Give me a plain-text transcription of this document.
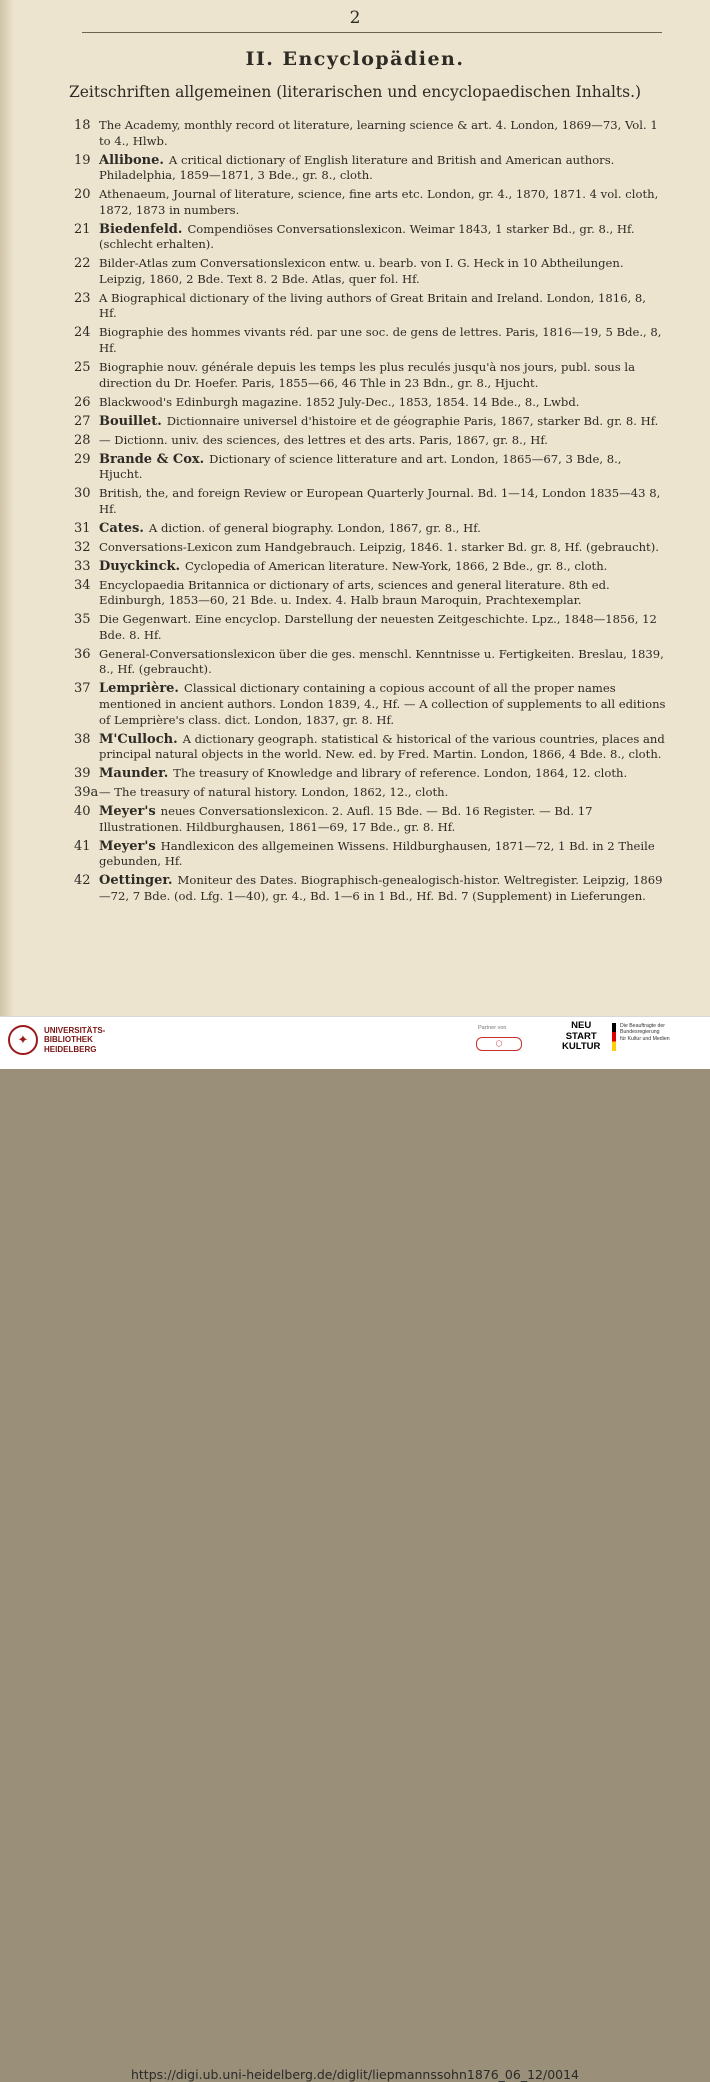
2
II. Encyclopädien.
Zeitschriften allgemeinen (literarischen und encyclopaedischen Inhalts.)
18 The Academy, monthly record ot literature, learning science & art. 4. London, 1869—73, Vol. 1 to 4., Hlwb.
19 Allibone. A critical dictionary of English literature and British and American authors. Philadelphia, 1859—1871, 3 Bde., gr. 8., cloth.
20 Athenaeum, Journal of literature, science, fine arts etc. London, gr. 4., 1870, 1871. 4 vol. cloth, 1872, 1873 in numbers.
21 Biedenfeld. Compendiöses Conversationslexicon. Weimar 1843, 1 starker Bd., gr. 8., Hf. (schlecht erhalten).
22 Bilder-Atlas zum Conversationslexicon entw. u. bearb. von I. G. Heck in 10 Abtheilungen. Leipzig, 1860, 2 Bde. Text 8. 2 Bde. Atlas, quer fol. Hf.
23 A Biographical dictionary of the living authors of Great Britain and Ireland. London, 1816, 8, Hf.
24 Biographie des hommes vivants réd. par une soc. de gens de lettres. Paris, 1816—19, 5 Bde., 8, Hf.
25 Biographie nouv. générale depuis les temps les plus reculés jusqu'à nos jours, publ. sous la direction du Dr. Hoefer. Paris, 1855—66, 46 Thle in 23 Bdn., gr. 8., Hjucht.
26 Blackwood's Edinburgh magazine. 1852 July-Dec., 1853, 1854. 14 Bde., 8., Lwbd.
27 Bouillet. Dictionnaire universel d'histoire et de géographie Paris, 1867, starker Bd. gr. 8. Hf.
28 — Dictionn. univ. des sciences, des lettres et des arts. Paris, 1867, gr. 8., Hf.
29 Brande & Cox. Dictionary of science litterature and art. London, 1865—67, 3 Bde, 8., Hjucht.
30 British, the, and foreign Review or European Quarterly Journal. Bd. 1—14, London 1835—43 8, Hf.
31 Cates. A diction. of general biography. London, 1867, gr. 8., Hf.
32 Conversations-Lexicon zum Handgebrauch. Leipzig, 1846. 1. starker Bd. gr. 8, Hf. (gebraucht).
33 Duyckinck. Cyclopedia of American literature. New-York, 1866, 2 Bde., gr. 8., cloth.
34 Encyclopaedia Britannica or dictionary of arts, sciences and general literature. 8th ed. Edinburgh, 1853—60, 21 Bde. u. Index. 4. Halb braun Maroquin, Prachtexemplar.
35 Die Gegenwart. Eine encyclop. Darstellung der neuesten Zeitgeschichte. Lpz., 1848—1856, 12 Bde. 8. Hf.
36 General-Conversationslexicon über die ges. menschl. Kenntnisse u. Fertigkeiten. Breslau, 1839, 8., Hf. (gebraucht).
37 Lemprière. Classical dictionary containing a copious account of all the proper names mentioned in ancient authors. London 1839, 4., Hf. — A collection of supplements to all editions of Lemprière's class. dict. London, 1837, gr. 8. Hf.
38 M'Culloch. A dictionary geograph. statistical & historical of the various countries, places and principal natural objects in the world. New. ed. by Fred. Martin. London, 1866, 4 Bde. 8., cloth.
39 Maunder. The treasury of Knowledge and library of reference. London, 1864, 12. cloth.
39a — The treasury of natural history. London, 1862, 12., cloth.
40 Meyer's neues Conversationslexicon. 2. Aufl. 15 Bde. — Bd. 16 Register. — Bd. 17 Illustrationen. Hildburghausen, 1861—69, 17 Bde., gr. 8. Hf.
41 Meyer's Handlexicon des allgemeinen Wissens. Hildburghausen, 1871—72, 1 Bd. in 2 Theile gebunden, Hf.
42 Oettinger. Moniteur des Dates. Biographisch-genealogisch-histor. Weltregister. Leipzig, 1869—72, 7 Bde. (od. Lfg. 1—40), gr. 4., Bd. 1—6 in 1 Bd., Hf. Bd. 7 (Supplement) in Lieferungen.
✦
UNIVERSITÄTS-
BIBLIOTHEK
HEIDELBERG
Partner von
◯
NEU
START
KULTUR
Die Beauftragte der Bundesregierung
für Kultur und Medien
https://digi.ub.uni-heidelberg.de/diglit/liepmannssohn1876_06_12/0014
